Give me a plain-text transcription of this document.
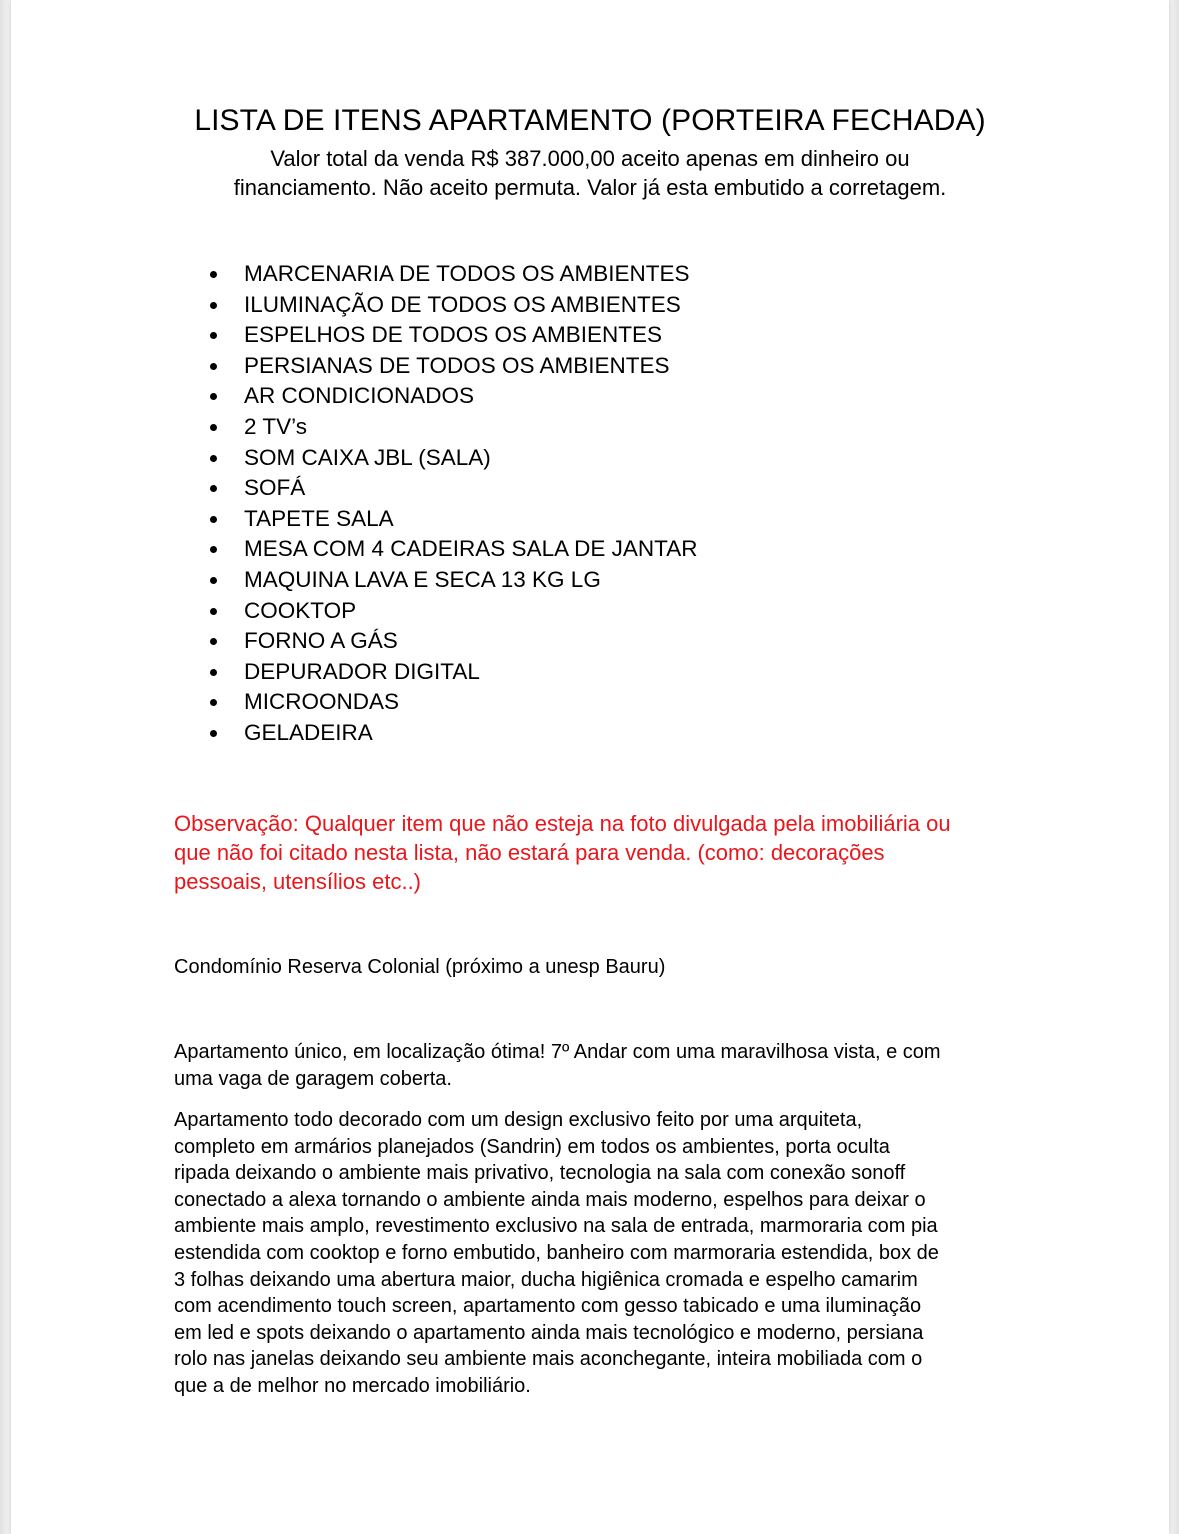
LISTA DE ITENS APARTAMENTO (PORTEIRA FECHADA)
Valor total da venda R$ 387.000,00 aceito apenas em dinheiro ou
financiamento. Não aceito permuta. Valor já esta embutido a corretagem.
MARCENARIA DE TODOS OS AMBIENTES
ILUMINAÇÃO DE TODOS OS AMBIENTES
ESPELHOS DE TODOS OS AMBIENTES
PERSIANAS DE TODOS OS AMBIENTES
AR CONDICIONADOS
2 TV’s
SOM CAIXA JBL (SALA)
SOFÁ
TAPETE SALA
MESA COM 4 CADEIRAS SALA DE JANTAR
MAQUINA LAVA E SECA 13 KG LG
COOKTOP
FORNO A GÁS
DEPURADOR DIGITAL
MICROONDAS
GELADEIRA
Observação: Qualquer item que não esteja na foto divulgada pela imobiliária ou
que não foi citado nesta lista, não estará para venda. (como: decorações
pessoais, utensílios etc..)
Condomínio Reserva Colonial (próximo a unesp Bauru)
Apartamento único, em localização ótima! 7º Andar com uma maravilhosa vista, e com
uma vaga de garagem coberta.
Apartamento todo decorado com um design exclusivo feito por uma arquiteta,
completo em armários planejados (Sandrin) em todos os ambientes, porta oculta
ripada deixando o ambiente mais privativo, tecnologia na sala com conexão sonoff
conectado a alexa tornando o ambiente ainda mais moderno, espelhos para deixar o
ambiente mais amplo, revestimento exclusivo na sala de entrada, marmoraria com pia
estendida com cooktop e forno embutido, banheiro com marmoraria estendida, box de
3 folhas deixando uma abertura maior, ducha higiênica cromada e espelho camarim
com acendimento touch screen, apartamento com gesso tabicado e uma iluminação
em led e spots deixando o apartamento ainda mais tecnológico e moderno, persiana
rolo nas janelas deixando seu ambiente mais aconchegante, inteira mobiliada com o
que a de melhor no mercado imobiliário.
